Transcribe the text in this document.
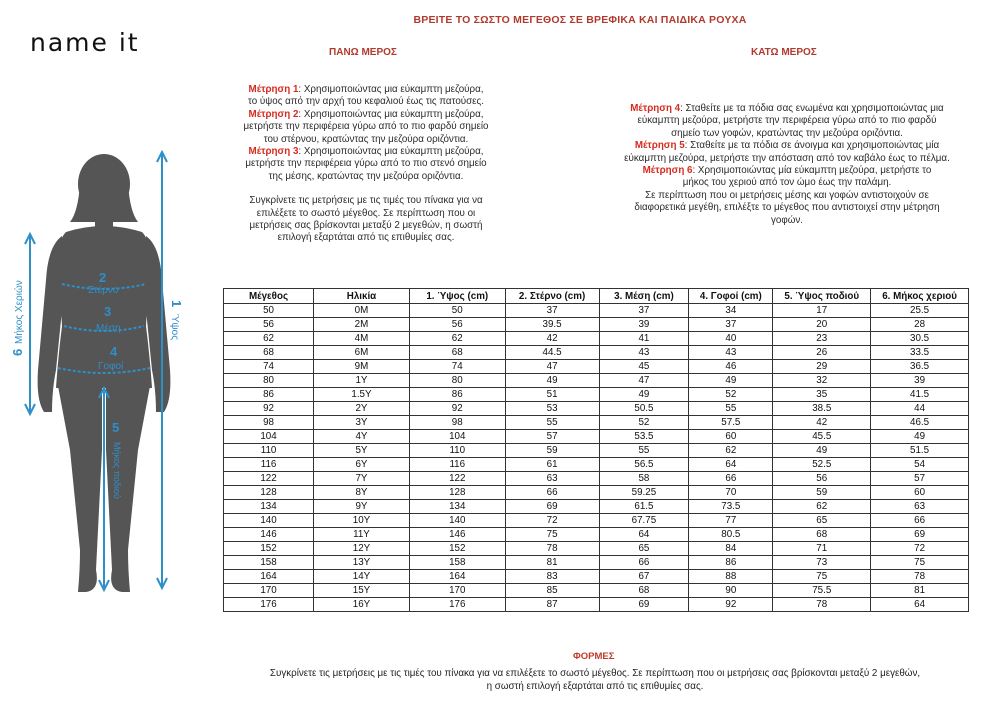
name it
ΒΡΕΙΤΕ ΤΟ ΣΩΣΤΟ ΜΕΓΕΘΟΣ ΣΕ ΒΡΕΦΙΚΑ ΚΑΙ ΠΑΙΔΙΚΑ ΡΟΥΧΑ
ΠΑΝΩ ΜΕΡΟΣ	ΚΑΤΩ ΜΕΡΟΣ
Μέτρηση 1: Χρησιμοποιώντας μια εύκαμπτη μεζούρα,
το ύψος από την αρχή του κεφαλιού έως τις πατούσες.
Μέτρηση 2: Χρησιμοποιώντας μια εύκαμπτη μεζούρα,
μετρήστε την περιφέρεια γύρω από το πιο φαρδύ σημείο
του στέρνου, κρατώντας την μεζούρα οριζόντια.
Μέτρηση 3: Χρησιμοποιώντας μια εύκαμπτη μεζούρα,
μετρήστε την περιφέρεια γύρω από το πιο στενό σημείο
της μέσης, κρατώντας την μεζούρα οριζόντια.
Συγκρίνετε τις μετρήσεις με τις τιμές του πίνακα για να
επιλέξετε το σωστό μέγεθος. Σε περίπτωση που οι
μετρήσεις σας βρίσκονται μεταξύ 2 μεγεθών, η σωστή
επιλογή εξαρτάται από τις επιθυμίες σας.
Μέτρηση 4: Σταθείτε με τα πόδια σας ενωμένα και χρησιμοποιώντας μια
εύκαμπτη μεζούρα, μετρήστε την περιφέρεια γύρω από το πιο φαρδύ
σημείο των γοφών, κρατώντας την μεζούρα οριζόντια.
Μέτρηση 5: Σταθείτε με τα πόδια σε άνοιγμα και χρησιμοποιώντας μία
εύκαμπτη μεζούρα, μετρήστε την απόσταση από τον καβάλο έως το πέλμα.
Μέτρηση 6: Χρησιμοποιώντας μία εύκαμπτη μεζούρα, μετρήστε το
μήκος του χεριού από τον ώμο έως την παλάμη.
Σε περίπτωση που οι μετρήσεις μέσης και γοφών αντιστοιχούν σε
διαφορετικά μεγέθη, επιλέξτε το μέγεθος που αντιστοιχεί στην μέτρηση
γοφών.
2
Στέρνο
3
Μέση
4
Γοφοί
5
Μήκος ποδιού
1
Ύψος
6
Μήκος Χεριών	Μέγεθος	Ηλικία	1. Ύψος (cm)	2. Στέρνο (cm)	3. Μέση (cm)	4. Γοφοί (cm)	5. Ύψος ποδιού	6. Μήκος χεριού
50	0M	50	37	37	34	17	25.5
56	2M	56	39.5	39	37	20	28
62	4M	62	42	41	40	23	30.5
68	6M	68	44.5	43	43	26	33.5
74	9M	74	47	45	46	29	36.5
80	1Y	80	49	47	49	32	39
86	1.5Y	86	51	49	52	35	41.5
92	2Y	92	53	50.5	55	38.5	44
98	3Y	98	55	52	57.5	42	46.5
104	4Y	104	57	53.5	60	45.5	49
110	5Y	110	59	55	62	49	51.5
116	6Y	116	61	56.5	64	52.5	54
122	7Y	122	63	58	66	56	57
128	8Y	128	66	59.25	70	59	60
134	9Y	134	69	61.5	73.5	62	63
140	10Y	140	72	67.75	77	65	66
146	11Y	146	75	64	80.5	68	69
152	12Y	152	78	65	84	71	72
158	13Y	158	81	66	86	73	75
164	14Y	164	83	67	88	75	78
170	15Y	170	85	68	90	75.5	81
176	16Y	176	87	69	92	78	64
ΦΟΡΜΕΣ
Συγκρίνετε τις μετρήσεις με τις τιμές του πίνακα για να επιλέξετε το σωστό μέγεθος. Σε περίπτωση που οι μετρήσεις σας βρίσκονται μεταξύ 2 μεγεθών,
η σωστή επιλογή εξαρτάται από τις επιθυμίες σας.
